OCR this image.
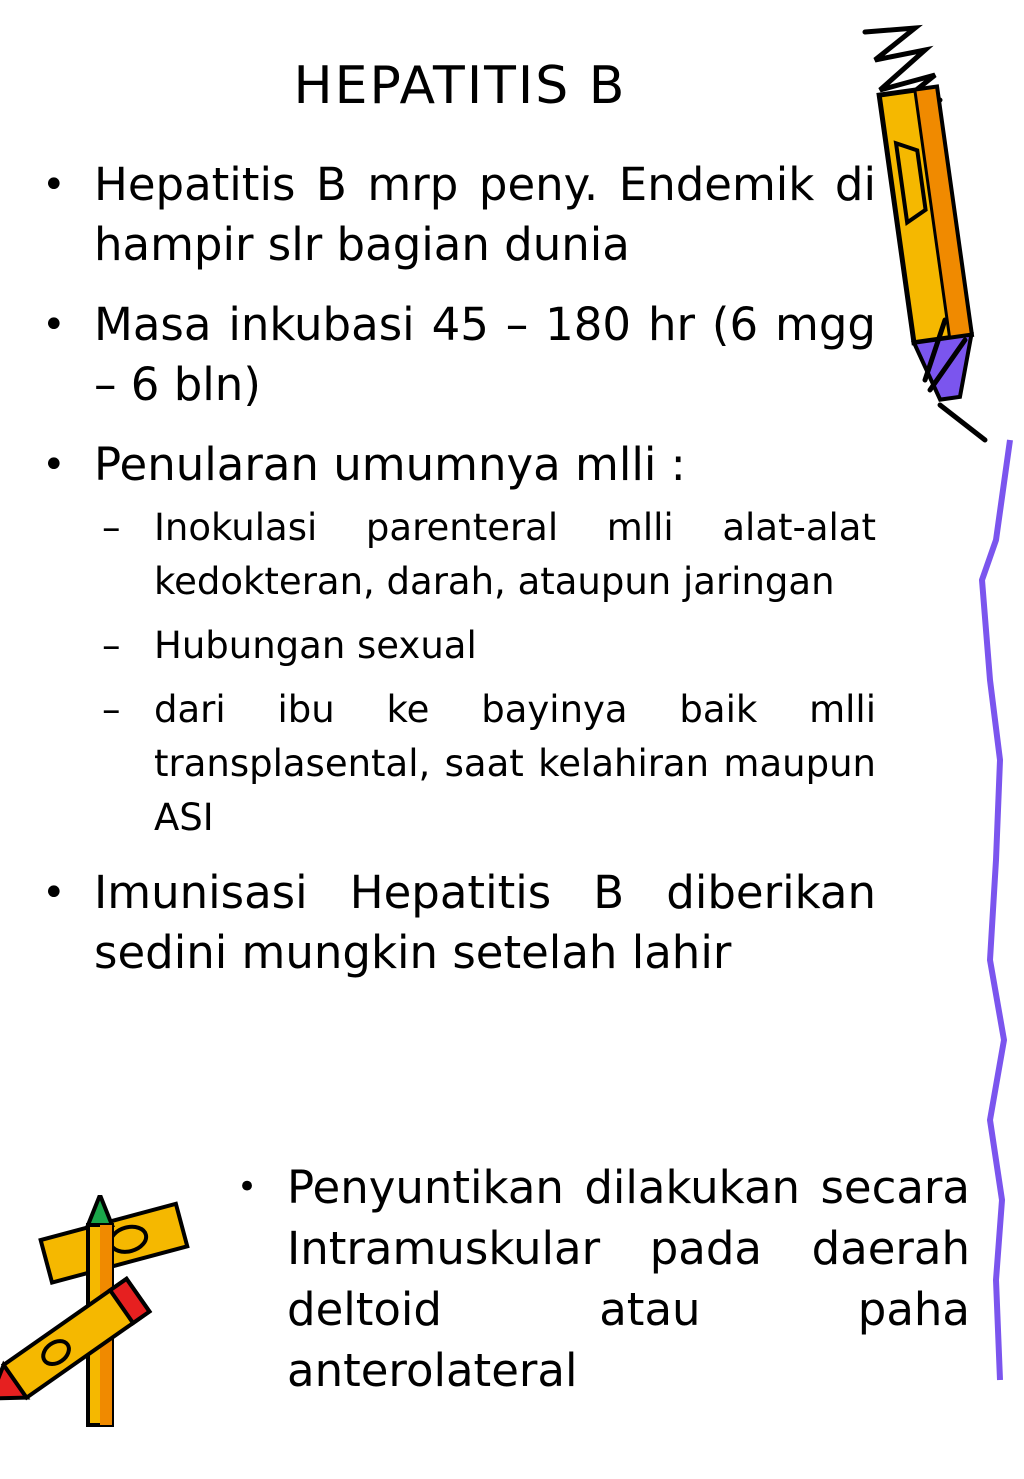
HEPATITIS B
• Hepatitis B mrp peny. Endemik di hampir slr bagian dunia
• Masa inkubasi 45 – 180 hr (6 mgg – 6 bln)
• Penularan umumnya mlli :
– Inokulasi parenteral mlli alat-alat kedokteran, darah, ataupun jaringan
– Hubungan sexual
– dari ibu ke bayinya baik mlli transplasental, saat kelahiran maupun ASI
• Imunisasi Hepatitis B diberikan sedini mungkin setelah lahir
• Penyuntikan dilakukan secara Intramuskular pada daerah deltoid atau paha anterolateral
